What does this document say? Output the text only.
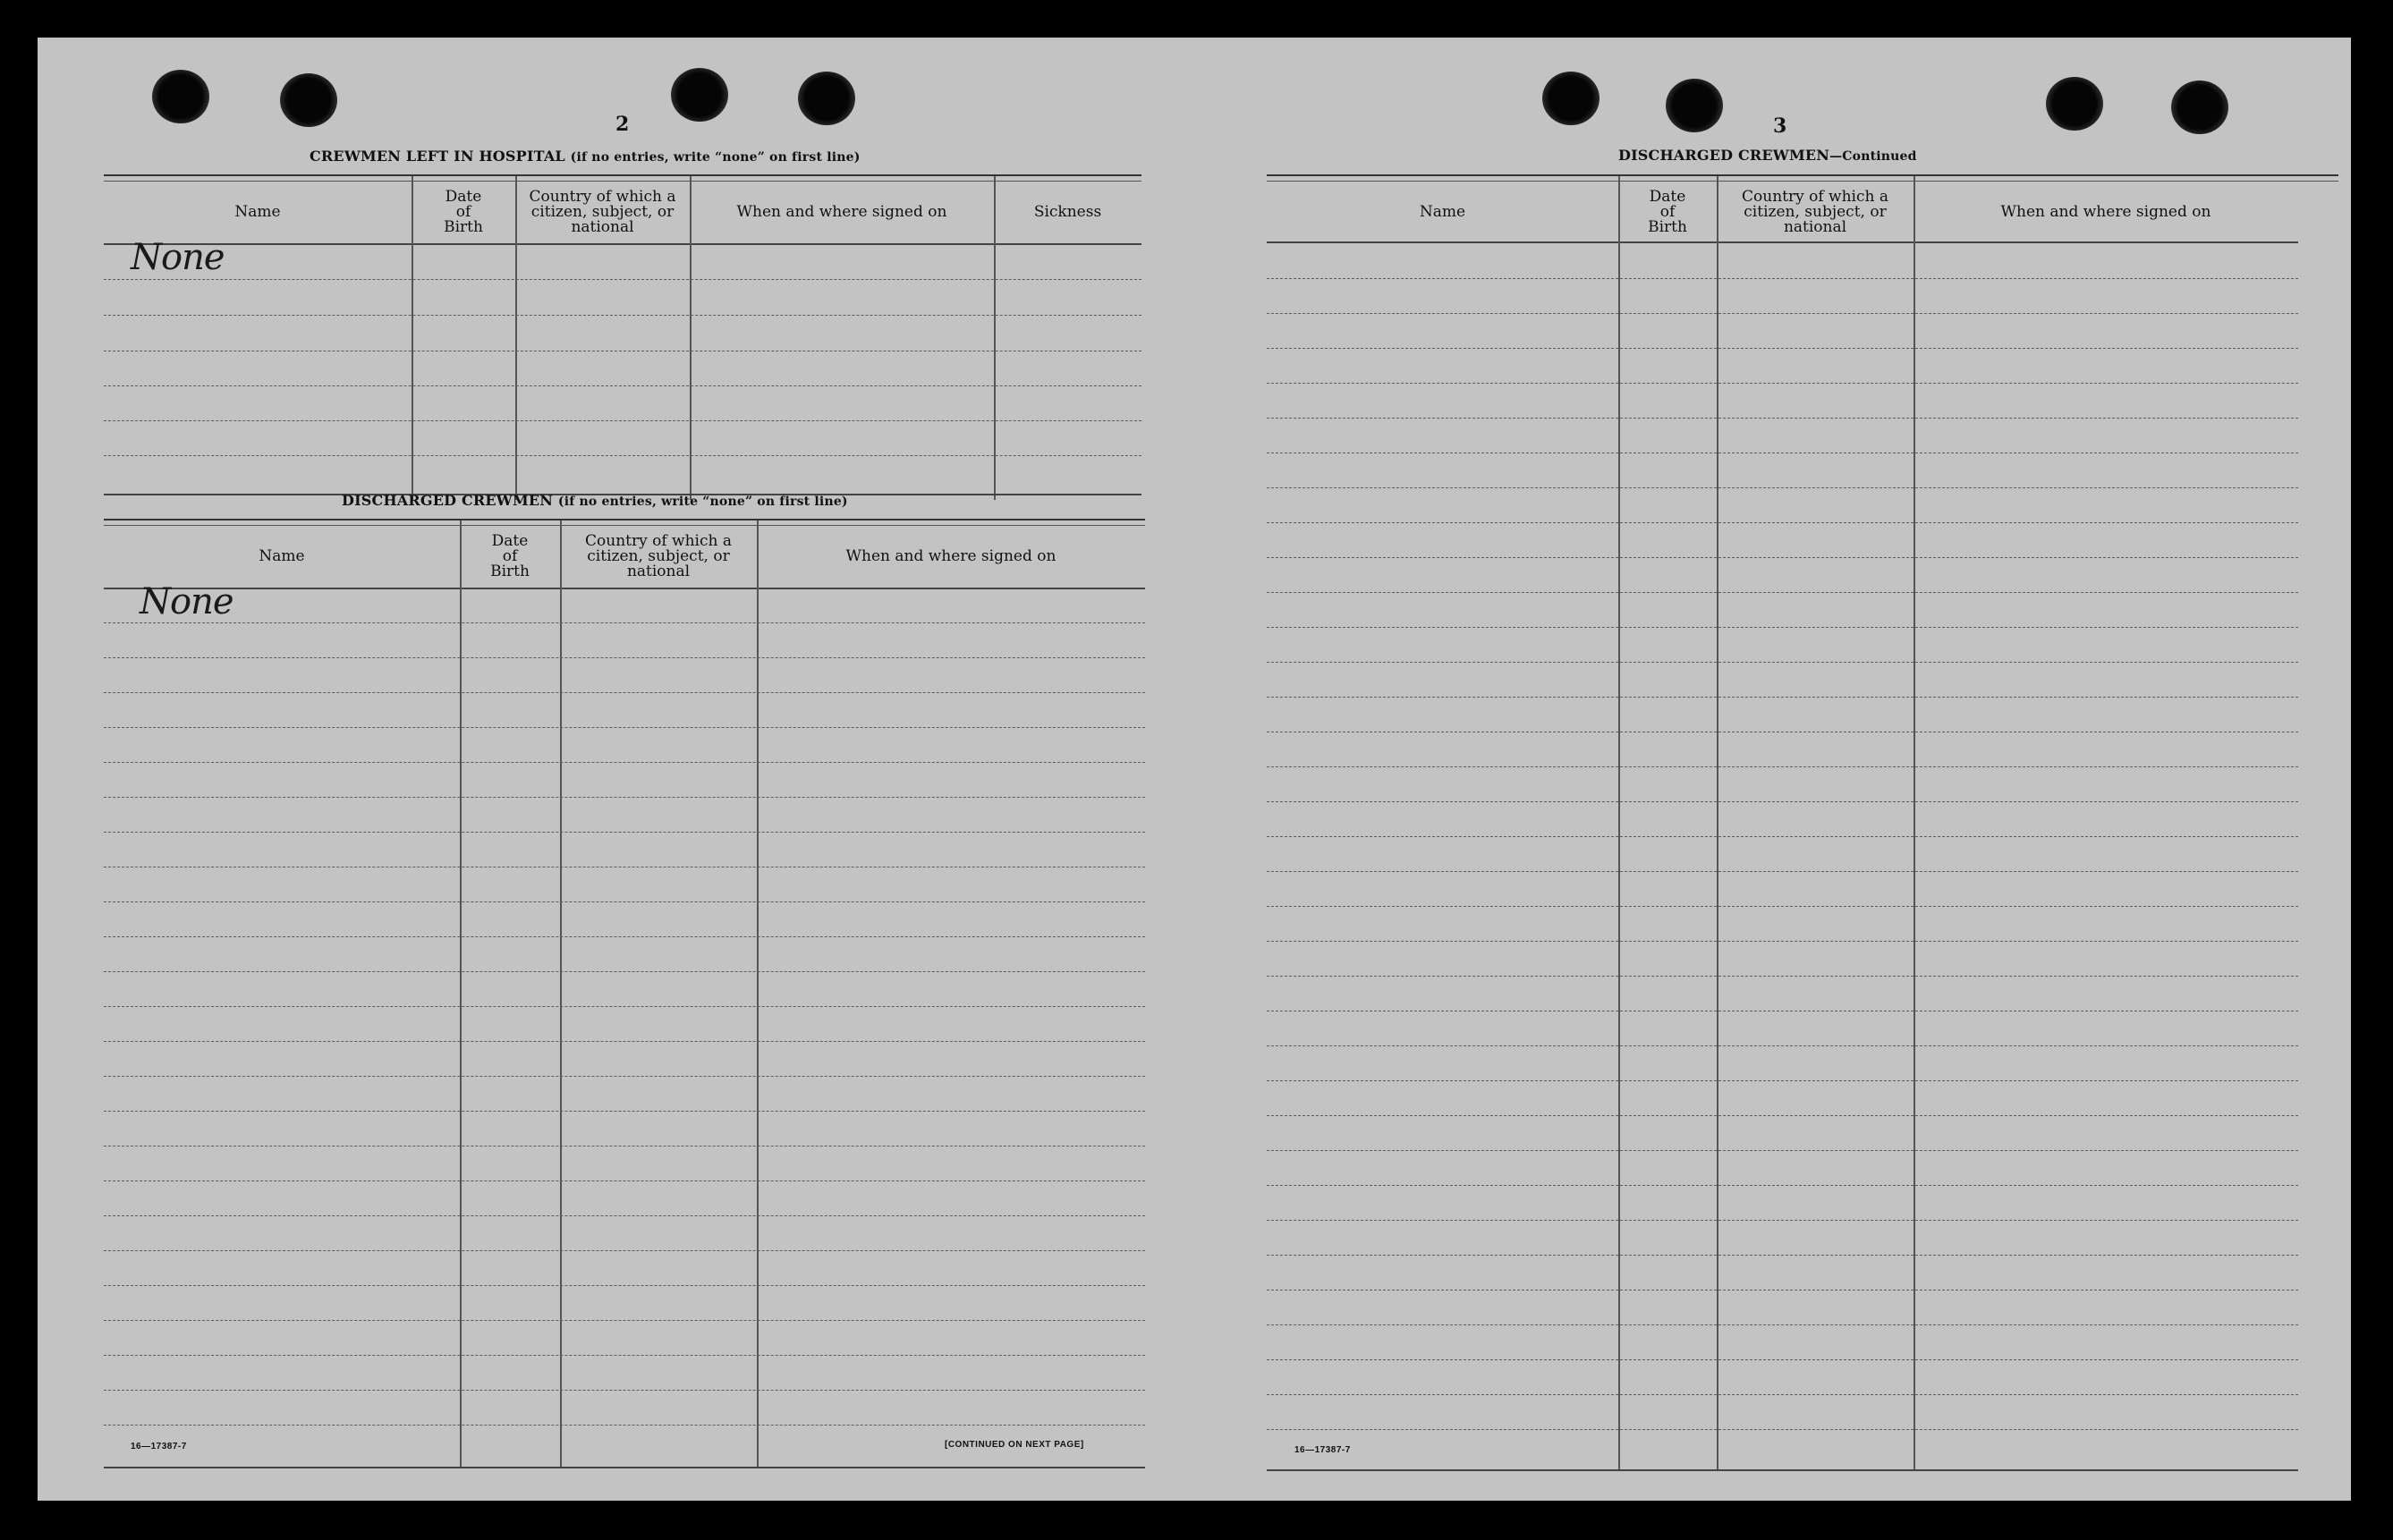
2
CREWMEN LEFT IN HOSPITAL (if no entries, write “none” on first line)
Name
Date of Birth
Country of which a citizen, subject, or national
When and where signed on	Sickness
None
DISCHARGED CREWMEN (if no entries, write “none” on first line)
Name
Date of Birth
Country of which a citizen, subject, or national
When and where signed on
None
16—17387-7	[CONTINUED ON NEXT PAGE]
3
DISCHARGED CREWMEN—Continued
Name
Date of Birth
Country of which a citizen, subject, or national
When and where signed on
16—17387-7
